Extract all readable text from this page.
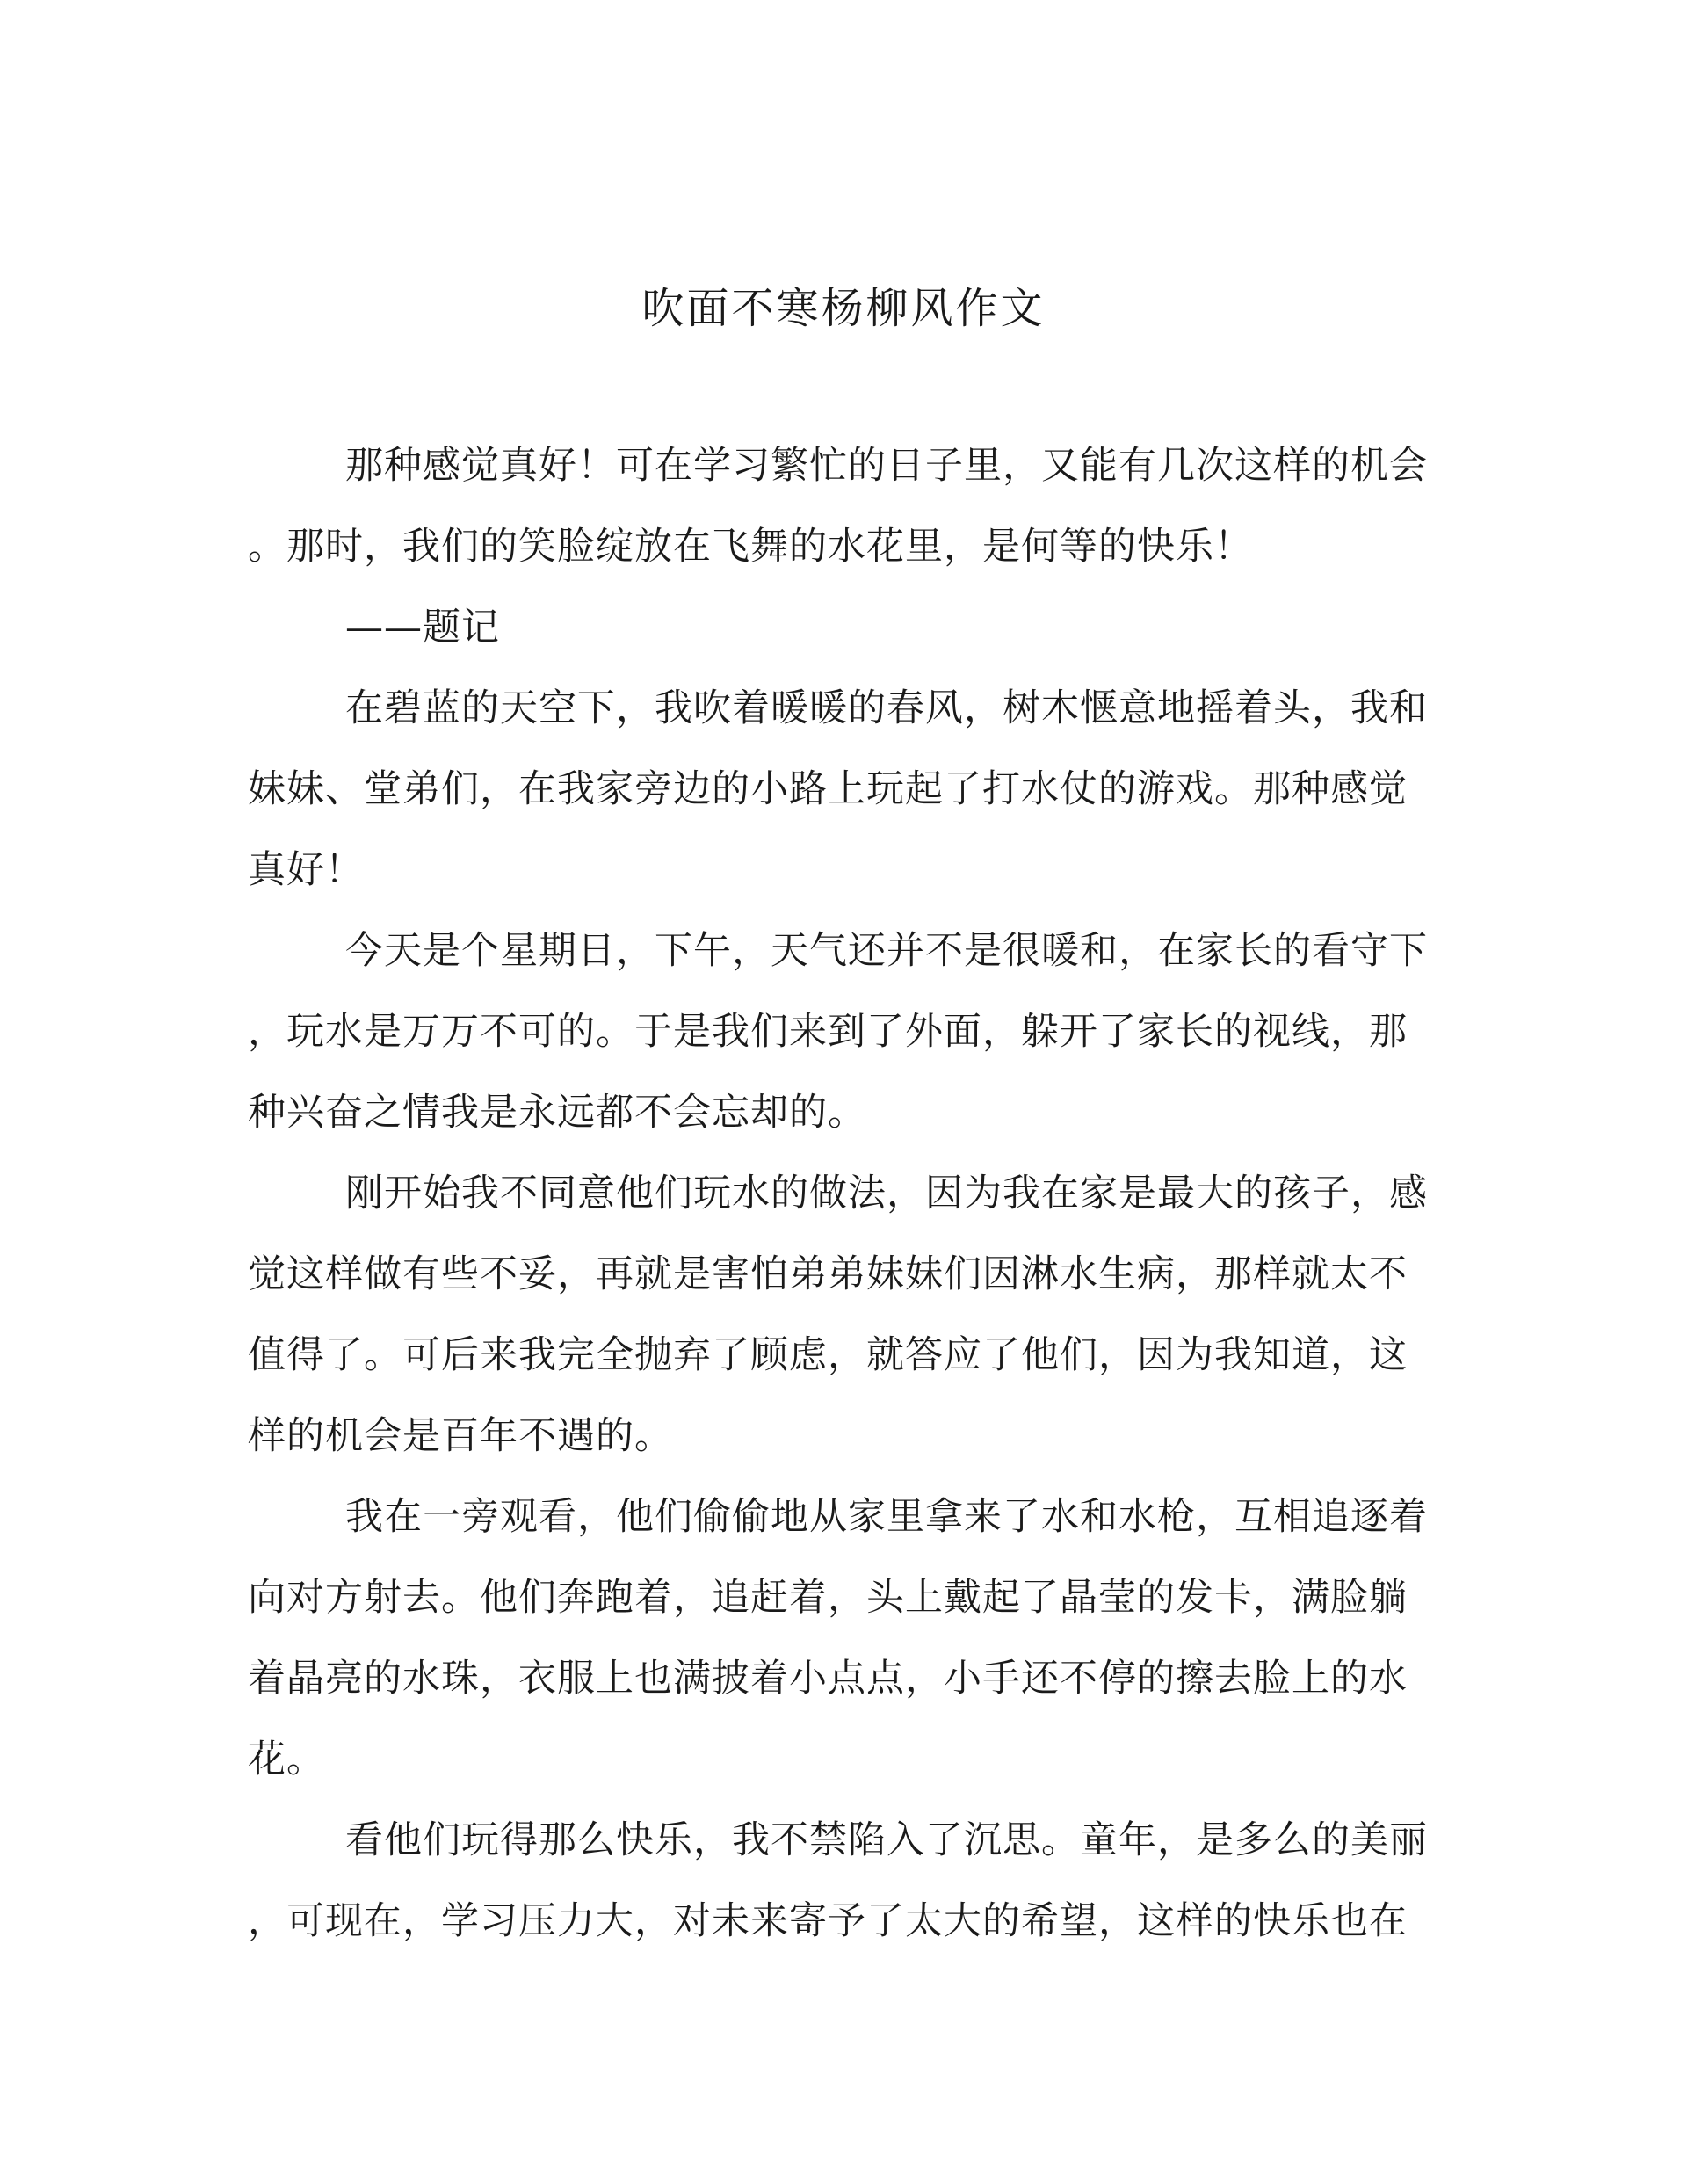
吹面不寒杨柳风作文

那种感觉真好！可在学习繁忙的日子里，又能有几次这样的机会

。那时，我们的笑脸绽放在飞舞的水花里，是何等的快乐！

——题记

在碧蓝的天空下，我吹着暖暖的春风，树木惬意地摇着头，我和

妹妹、堂弟们，在我家旁边的小路上玩起了打水仗的游戏。那种感觉

真好！

今天是个星期日，下午，天气还并不是很暖和，在家长的看守下

，玩水是万万不可的。于是我们来到了外面，躲开了家长的视线，那

种兴奋之情我是永远都不会忘却的。

刚开始我不同意他们玩水的做法，因为我在家是最大的孩子，感

觉这样做有些不妥，再就是害怕弟弟妹妹们因淋水生病，那样就太不

值得了。可后来我完全抛弃了顾虑，就答应了他们，因为我知道，这

样的机会是百年不遇的。

我在一旁观看，他们偷偷地从家里拿来了水和水枪，互相追逐着

向对方射去。他们奔跑着，追赶着，头上戴起了晶莹的发卡，满脸躺

着晶亮的水珠，衣服上也满披着小点点，小手还不停的擦去脸上的水

花。

看他们玩得那么快乐，我不禁陷入了沉思。童年，是多么的美丽

，可现在，学习压力大，对未来寄予了太大的希望，这样的快乐也在
